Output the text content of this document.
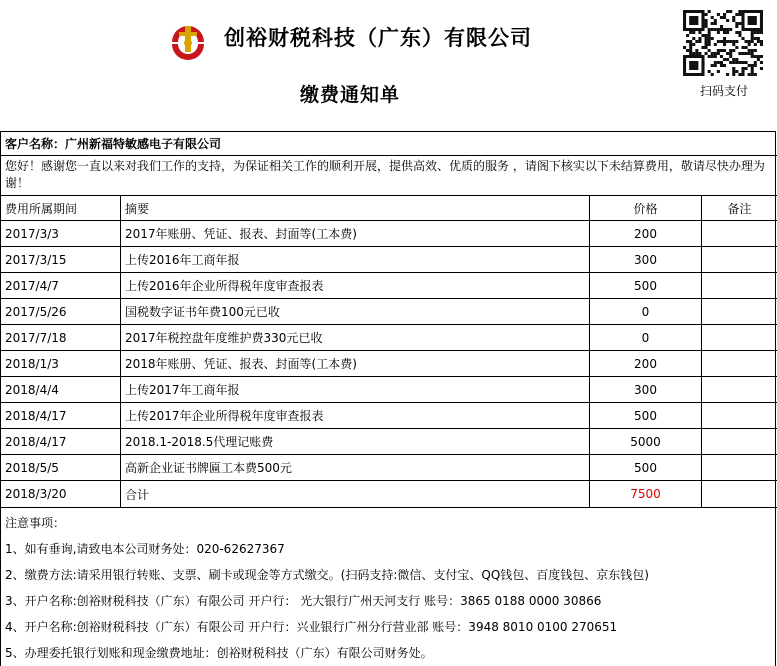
创裕财税科技（广东）有限公司
缴费通知单	扫码支付
客户名称： 广州新福特敏感电子有限公司
您好！感谢您一直以来对我们工作的支持，为保证相关工作的顺利开展，提供高效、优质的服务 ，请阁下核实以下未结算费用，敬请尽快办理为谢！
费用所属期间	摘要	价格	备注
2017/3/3	2017年账册、凭证、报表、封面等(工本费)	200
2017/3/15	上传2016年工商年报	300
2017/4/7	上传2016年企业所得税年度审查报表	500
2017/5/26	国税数字证书年费100元已收	0
2017/7/18	2017年税控盘年度维护费330元已收	0
2018/1/3	2018年账册、凭证、报表、封面等(工本费)	200
2018/4/4	上传2017年工商年报	300
2018/4/17	上传2017年企业所得税年度审查报表	500
2018/4/17	2018.1-2018.5代理记账费	5000
2018/5/5	高新企业证书牌匾工本费500元	500
2018/3/20	合计	7500
注意事项：
1、如有垂询,请致电本公司财务处：020-62627367
2、缴费方法:请采用银行转账、支票、刷卡或现金等方式缴交。(扫码支持:微信、支付宝、QQ钱包、百度钱包、京东钱包)
3、开户名称:创裕财税科技（广东）有限公司 开户行： 光大银行广州天河支行 账号：3865 0188 0000 30866
4、开户名称:创裕财税科技（广东）有限公司 开户行：兴业银行广州分行营业部 账号：3948 8010 0100 270651
5、办理委托银行划账和现金缴费地址：创裕财税科技（广东）有限公司财务处。
